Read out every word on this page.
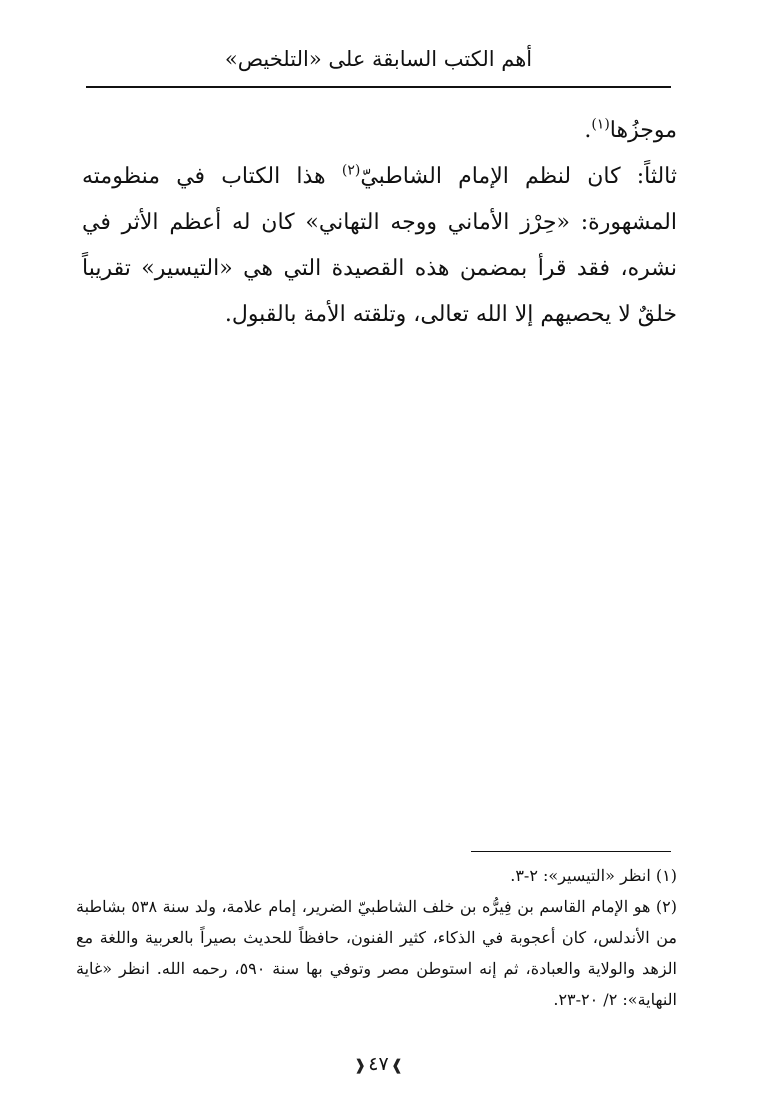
أهم الكتب السابقة على «التلخيص»

موجزُها$^{(١)}$.

ثالثاً: كان لنظم الإمام الشاطبيّ$^{(٢)}$ هذا الكتاب في منظومته المشهورة: «حِرْز الأماني ووجه التهاني» كان له أعظم الأثر في نشره، فقد قرأ بمضمن هذه القصيدة التي هي «التيسير» تقريباً خلقٌ لا يحصيهم إلا الله تعالى، وتلقته الأمة بالقبول.

(١) انظر «التيسير»: ٢-٣.

(٢) هو الإمام القاسم بن فِيرُّه بن خلف الشاطبيّ الضرير، إمام علامة، ولد سنة ٥٣٨ بشاطبة من الأندلس، كان أعجوبة في الذكاء، كثير الفنون، حافظاً للحديث بصيراً بالعربية واللغة مع الزهد والولاية والعبادة، ثم إنه استوطن مصر وتوفي بها سنة ٥٩٠، رحمه الله. انظر «غاية النهاية»: ٢/ ٢٠-٢٣.

❱٤٧❰
